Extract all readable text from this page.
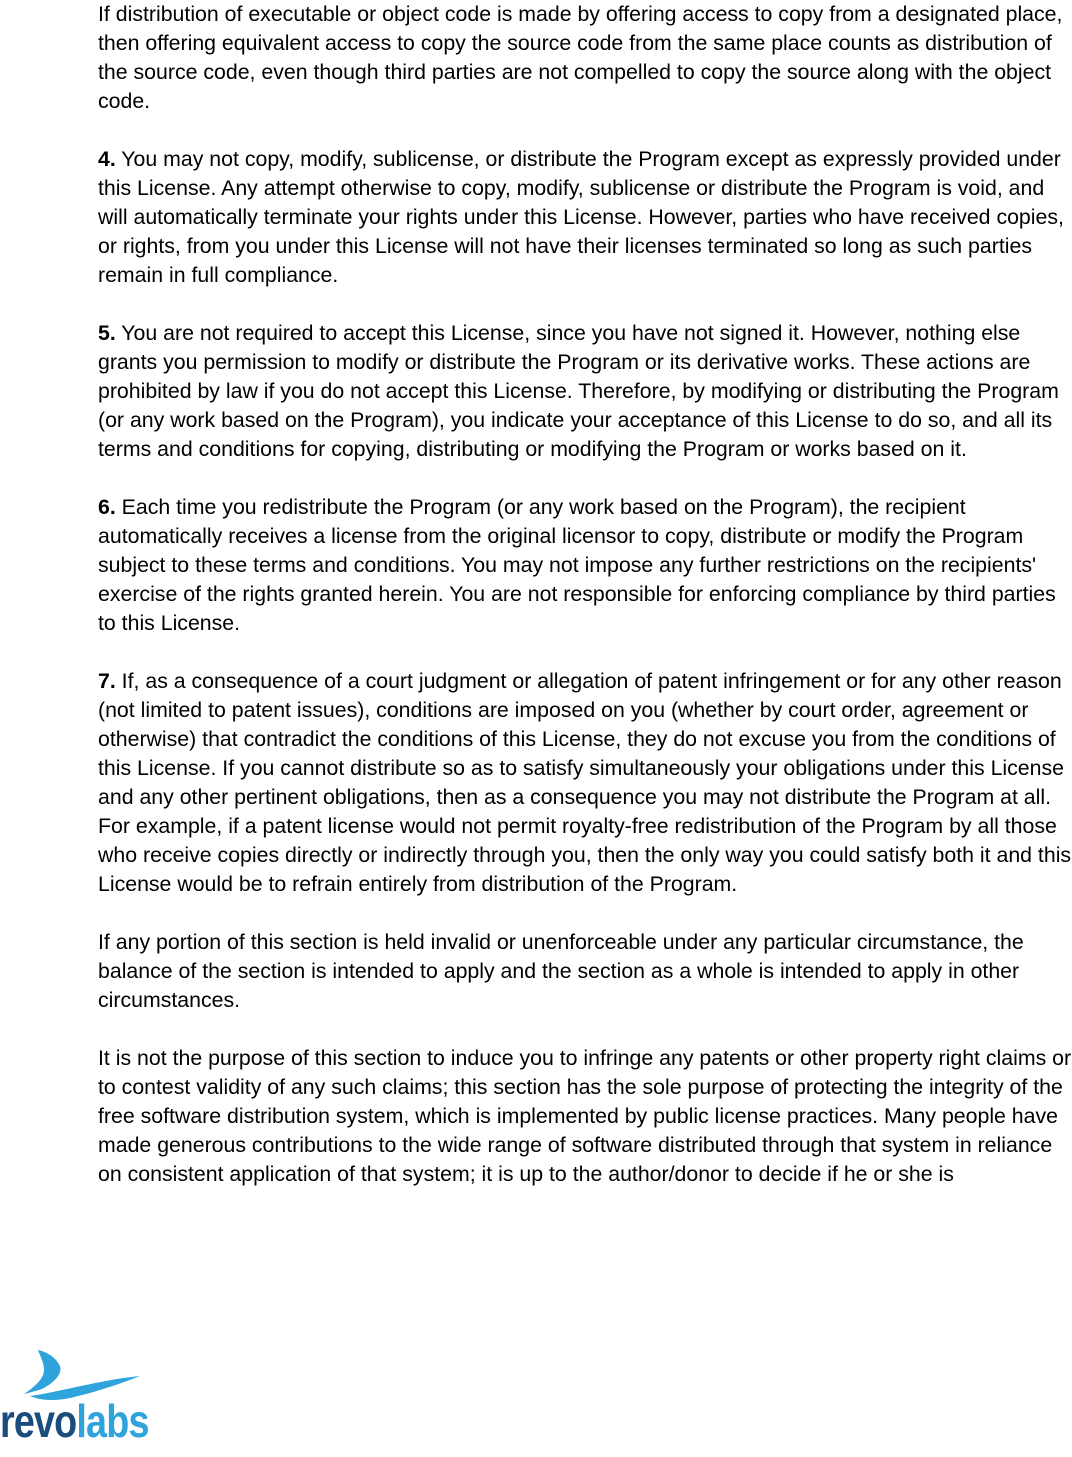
If distribution of executable or object code is made by offering access to copy from a designated place, then offering equivalent access to copy the source code from the same place counts as distribution of the source code, even though third parties are not compelled to copy the source along with the object code.

4. You may not copy, modify, sublicense, or distribute the Program except as expressly provided under this License. Any attempt otherwise to copy, modify, sublicense or distribute the Program is void, and will automatically terminate your rights under this License. However, parties who have received copies, or rights, from you under this License will not have their licenses terminated so long as such parties remain in full compliance.

5. You are not required to accept this License, since you have not signed it. However, nothing else grants you permission to modify or distribute the Program or its derivative works. These actions are prohibited by law if you do not accept this License. Therefore, by modifying or distributing the Program (or any work based on the Program), you indicate your acceptance of this License to do so, and all its terms and conditions for copying, distributing or modifying the Program or works based on it.

6. Each time you redistribute the Program (or any work based on the Program), the recipient automatically receives a license from the original licensor to copy, distribute or modify the Program subject to these terms and conditions. You may not impose any further restrictions on the recipients' exercise of the rights granted herein. You are not responsible for enforcing compliance by third parties to this License.

7. If, as a consequence of a court judgment or allegation of patent infringement or for any other reason (not limited to patent issues), conditions are imposed on you (whether by court order, agreement or otherwise) that contradict the conditions of this License, they do not excuse you from the conditions of this License. If you cannot distribute so as to satisfy simultaneously your obligations under this License and any other pertinent obligations, then as a consequence you may not distribute the Program at all. For example, if a patent license would not permit royalty-free redistribution of the Program by all those who receive copies directly or indirectly through you, then the only way you could satisfy both it and this License would be to refrain entirely from distribution of the Program.

If any portion of this section is held invalid or unenforceable under any particular circumstance, the balance of the section is intended to apply and the section as a whole is intended to apply in other circumstances.

It is not the purpose of this section to induce you to infringe any patents or other property right claims or to contest validity of any such claims; this section has the sole purpose of protecting the integrity of the free software distribution system, which is implemented by public license practices. Many people have made generous contributions to the wide range of software distributed through that system in reliance on consistent application of that system; it is up to the author/donor to decide if he or she is

revolabs
